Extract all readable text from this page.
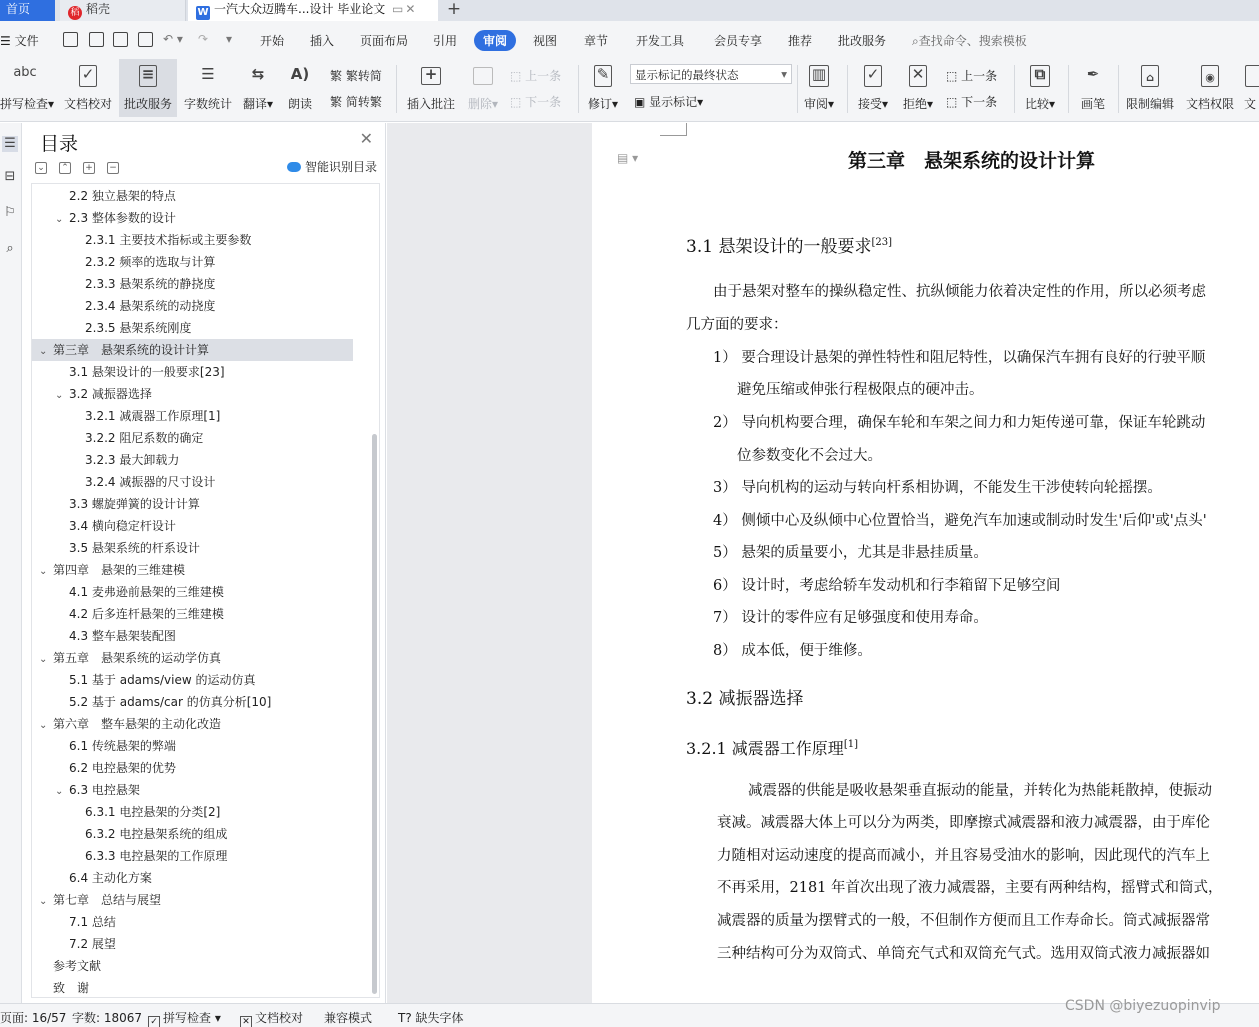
首页	稻 稻壳	W 一汽大众迈腾车...设计 毕业论文 ▭ ✕	+
☰ 文件	↶ ▾ ↷ ▾ 开始 插入 页面布局 引用	审阅	视图 章节 开发工具 会员专享 推荐 批改服务 ⌕查找命令、搜索模板
abc
拼写检查▾
✓
文档校对
≡
批改服务
☰
字数统计
⇆
翻译▾
A)
朗读
繁 繁转简
繁 简转繁
+
插入批注	删除▾
⬚ 上一条
⬚ 下一条
✎
修订▾	▣ 显示标记▾
▥
审阅▾
✓
接受▾
✕
拒绝▾
⬚ 上一条
⬚ 下一条
⧉
比较▾
✒
画笔
⌂
限制编辑
◉
文档权限 文
显示标记的最终状态	▾
☰
⊟
⚐
⌕
目录	✕
⌄ ⌃ + −	智能识别目录
致　谢
参考文献
7.2 展望
7.1 总结
⌄ 第七章　总结与展望
6.4 主动化方案
6.3.3 电控悬架的工作原理
6.3.2 电控悬架系统的组成
6.3.1 电控悬架的分类[2]
⌄ 6.3 电控悬架
6.2 电控悬架的优势
6.1 传统悬架的弊端
⌄ 第六章　整车悬架的主动化改造
5.2 基于 adams/car 的仿真分析[10]
5.1 基于 adams/view 的运动仿真
⌄ 第五章　悬架系统的运动学仿真
4.3 整车悬架装配图
4.2 后多连杆悬架的三维建模
4.1 麦弗逊前悬架的三维建模
⌄ 第四章　悬架的三维建模
3.5 悬架系统的杆系设计
3.4 横向稳定杆设计
3.3 螺旋弹簧的设计计算
3.2.4 减振器的尺寸设计
3.2.3 最大卸载力
3.2.2 阻尼系数的确定
3.2.1 减震器工作原理[1]
⌄ 3.2 减振器选择
3.1 悬架设计的一般要求[23]
⌄ 第三章　悬架系统的设计计算
2.3.5 悬架系统刚度
2.3.4 悬架系统的动挠度
2.3.3 悬架系统的静挠度
2.3.2 频率的选取与计算
2.3.1 主要技术指标或主要参数
⌄ 2.3 整体参数的设计
2.2 独立悬架的特点
▤ ▾	第三章　悬架系统的设计计算
3.1 悬架设计的一般要求[23]
由于悬架对整车的操纵稳定性、抗纵倾能力依着决定性的作用，所以必须考虑
几方面的要求：
1） 要合理设计悬架的弹性特性和阻尼特性，以确保汽车拥有良好的行驶平顺
避免压缩或伸张行程极限点的硬冲击。
2） 导向机构要合理，确保车轮和车架之间力和力矩传递可靠，保证车轮跳动
位参数变化不会过大。
3） 导向机构的运动与转向杆系相协调，不能发生干涉使转向轮摇摆。
4） 侧倾中心及纵倾中心位置恰当，避免汽车加速或制动时发生'后仰'或'点头'
5） 悬架的质量要小，尤其是非悬挂质量。
6） 设计时，考虑给轿车发动机和行李箱留下足够空间
7） 设计的零件应有足够强度和使用寿命。
8） 成本低，便于维修。
3.2 减振器选择
3.2.1 减震器工作原理[1]
减震器的供能是吸收悬架垂直振动的能量，并转化为热能耗散掉，使振动
衰减。减震器大体上可以分为两类，即摩擦式减震器和液力减震器，由于库伦
力随相对运动速度的提高而减小，并且容易受油水的影响，因此现代的汽车上
不再采用，2181 年首次出现了液力减震器，主要有两种结构，摇臂式和筒式，
减震器的质量为摆臂式的一般，不但制作方便而且工作寿命长。筒式减振器常
三种结构可分为双筒式、单筒充气式和双筒充气式。选用双筒式液力减振器如
页面: 16/57 字数: 18067 ✓ 拼写检查 ▾ ✕ 文档校对 兼容模式 T? 缺失字体
CSDN @biyezuopinvip
